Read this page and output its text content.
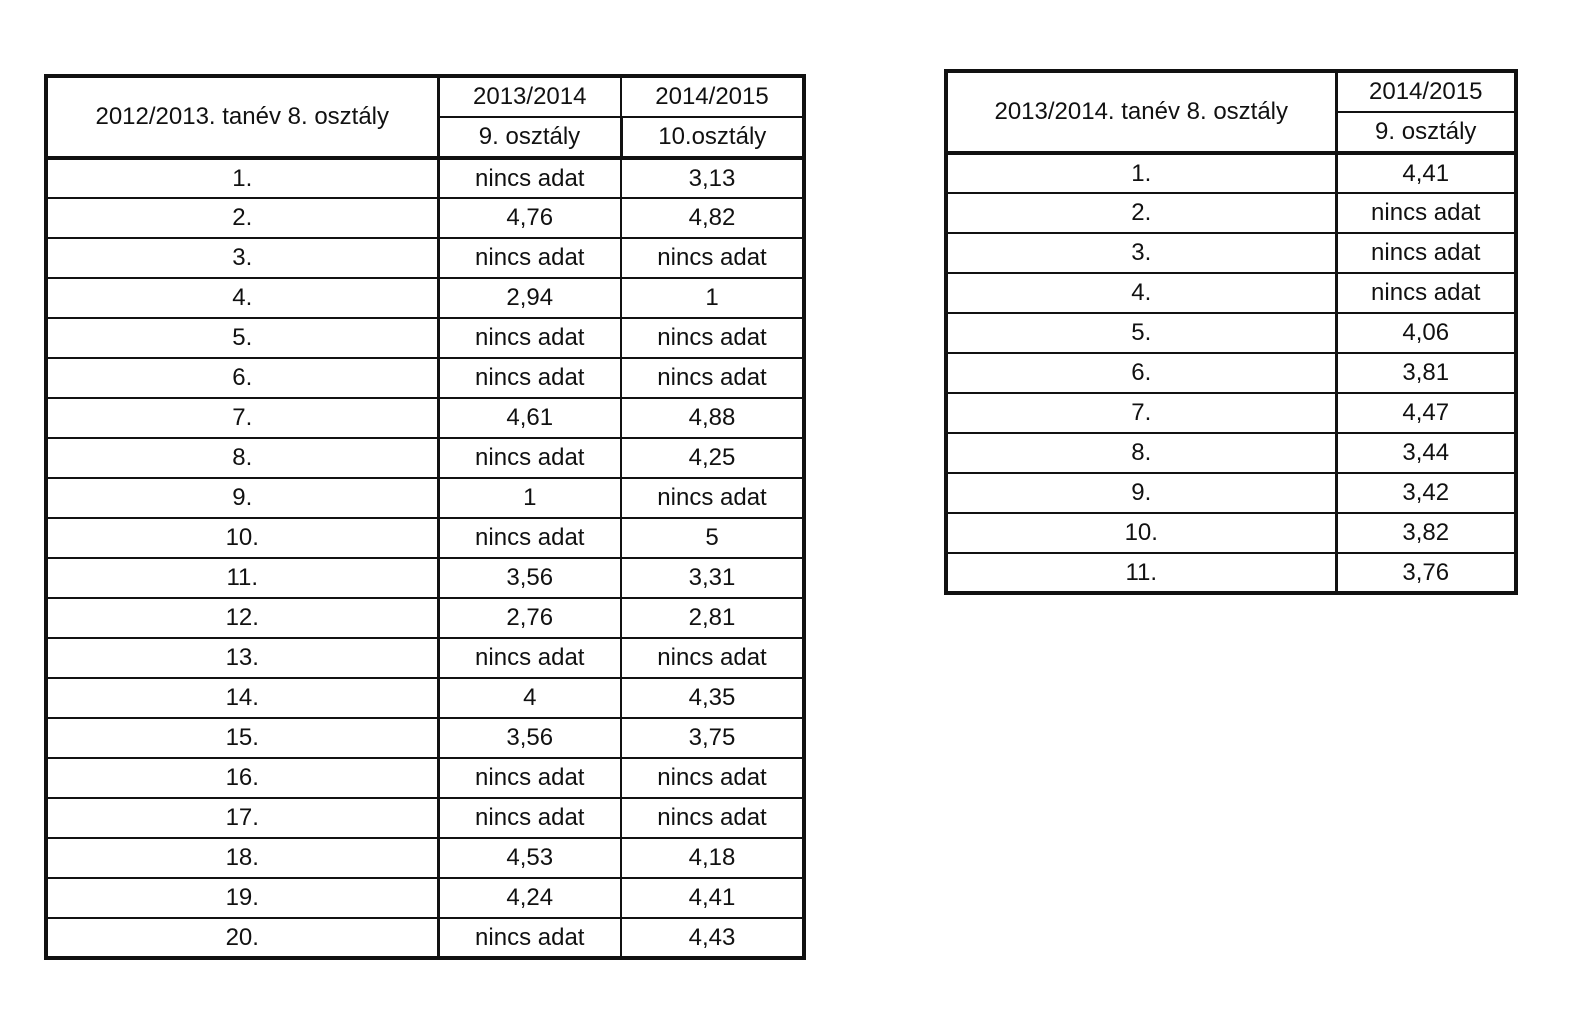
2012/2013. tanév 8. osztály	2013/2014	2014/2015
	9. osztály	10.osztály
1.	nincs adat	3,13
2.	4,76	4,82
3.	nincs adat	nincs adat
4.	2,94	1
5.	nincs adat	nincs adat
6.	nincs adat	nincs adat
7.	4,61	4,88
8.	nincs adat	4,25
9.	1	nincs adat
10.	nincs adat	5
11.	3,56	3,31
12.	2,76	2,81
13.	nincs adat	nincs adat
14.	4	4,35
15.	3,56	3,75
16.	nincs adat	nincs adat
17.	nincs adat	nincs adat
18.	4,53	4,18
19.	4,24	4,41
20.	nincs adat	4,43
2013/2014. tanév 8. osztály	2014/2015
	9. osztály
1.	4,41
2.	nincs adat
3.	nincs adat
4.	nincs adat
5.	4,06
6.	3,81
7.	4,47
8.	3,44
9.	3,42
10.	3,82
11.	3,76
